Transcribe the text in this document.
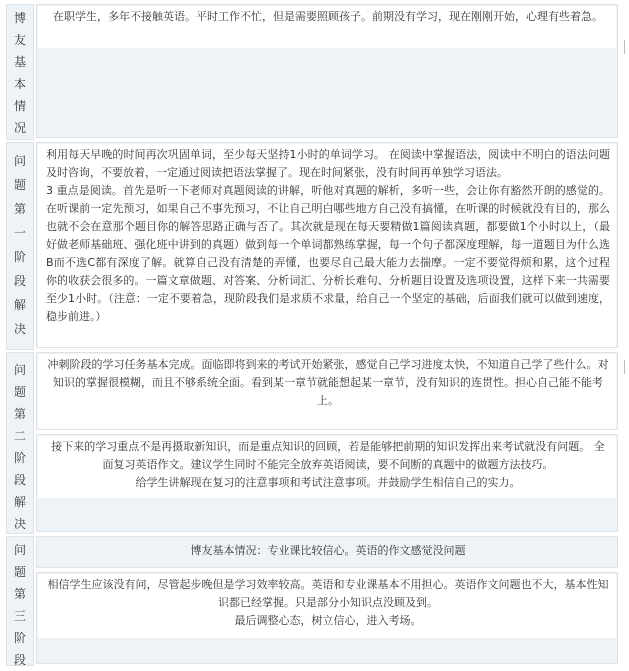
博
友
基
本
情
况

在职学生，多年不接触英语。平时工作不忙，但是需要照顾孩子。前期没有学习，现在刚刚开始，心理有些着急。

问
题
第
一
阶
段
解
决

利用每天早晚的时间再次巩固单词，至少每天坚持1小时的单词学习。 在阅读中掌握语法，阅读中不明白的语法问题及时咨询，不要放着，一定通过阅读把语法掌握了。现在时间紧张，没有时间再单独学习语法。

3 重点是阅读。首先是听一下老师对真题阅读的讲解，听他对真题的解析，多听一些，会让你有豁然开朗的感觉的。在听课前一定先预习，如果自己不事先预习，不让自己明白哪些地方自己没有搞懂，在听课的时候就没有目的，那么也就不会在意那个题目你的解答思路正确与否了。其次就是现在每天要精做1篇阅读真题，都要做1个小时以上，（最好做老师基础班、强化班中讲到的真题）做到每一个单词都熟练掌握，每一个句子都深度理解，每一道题目为什么选B而不选C都有深度了解。就算自己没有清楚的弄懂，也要尽自己最大能力去揣摩。一定不要觉得烦和累，这个过程你的收获会很多的。一篇文章做题、对答案、分析词汇、分析长难句、分析题目设置及选项设置，这样下来一共需要至少1小时。（注意：一定不要着急，现阶段我们是求质不求量，给自己一个坚定的基础，后面我们就可以做到速度，稳步前进。）

问
题
第
二
阶
段
解
决

冲刺阶段的学习任务基本完成。面临即将到来的考试开始紧张，感觉自己学习进度太快，不知道自己学了些什么。对知识的掌握很模糊，而且不够系统全面。看到某一章节就能想起某一章节，没有知识的连贯性。担心自己能不能考上。

接下来的学习重点不是再摄取新知识，而是重点知识的回顾，若是能够把前期的知识发挥出来考试就没有问题。 全面复习英语作文。建议学生同时不能完全放弃英语阅读，要不间断的真题中的做题方法技巧。

给学生讲解现在复习的注意事项和考试注意事项。并鼓励学生相信自己的实力。

问
题
第
三
阶
段

博友基本情况：专业课比较信心。英语的作文感觉没问题

相信学生应该没有问，尽管起步晚但是学习效率较高。英语和专业课基本不用担心。英语作文问题也不大，基本性知识都已经掌握。只是部分小知识点没顾及到。

最后调整心态，树立信心，进入考场。
